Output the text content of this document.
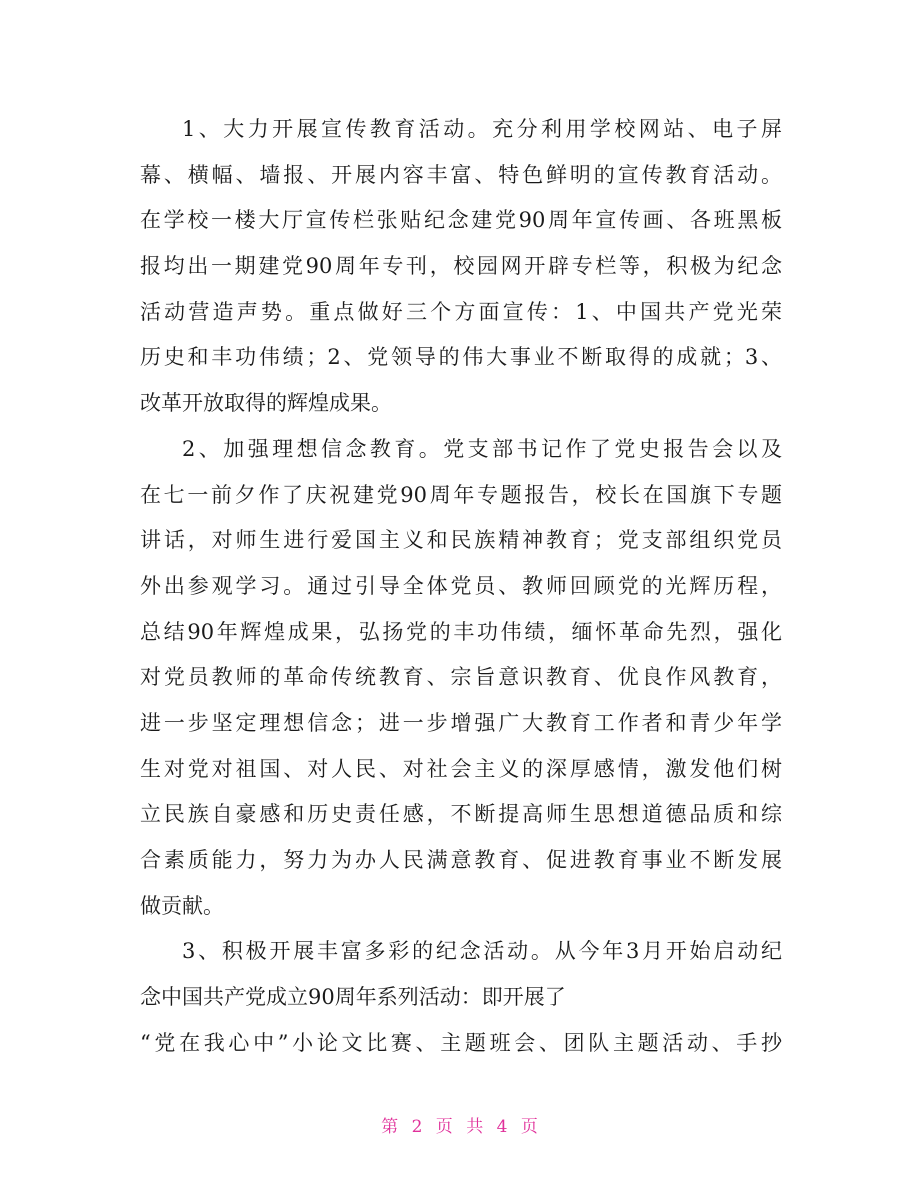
1、大力开展宣传教育活动。充分利用学校网站、电子屏
幕、横幅、墙报、开展内容丰富、特色鲜明的宣传教育活动。
在学校一楼大厅宣传栏张贴纪念建党90周年宣传画、各班黑板
报均出一期建党90周年专刊，校园网开辟专栏等，积极为纪念
活动营造声势。重点做好三个方面宣传：1、中国共产党光荣
历史和丰功伟绩；2、党领导的伟大事业不断取得的成就；3、
改革开放取得的辉煌成果。
2、加强理想信念教育。党支部书记作了党史报告会以及
在七一前夕作了庆祝建党90周年专题报告，校长在国旗下专题
讲话，对师生进行爱国主义和民族精神教育；党支部组织党员
外出参观学习。通过引导全体党员、教师回顾党的光辉历程，
总结90年辉煌成果，弘扬党的丰功伟绩，缅怀革命先烈，强化
对党员教师的革命传统教育、宗旨意识教育、优良作风教育，
进一步坚定理想信念；进一步增强广大教育工作者和青少年学
生对党对祖国、对人民、对社会主义的深厚感情，激发他们树
立民族自豪感和历史责任感，不断提高师生思想道德品质和综
合素质能力，努力为办人民满意教育、促进教育事业不断发展
做贡献。
3、积极开展丰富多彩的纪念活动。从今年3月开始启动纪
念中国共产党成立90周年系列活动：即开展了
“党在我心中”小论文比赛、主题班会、团队主题活动、手抄
第 2 页 共 4 页
